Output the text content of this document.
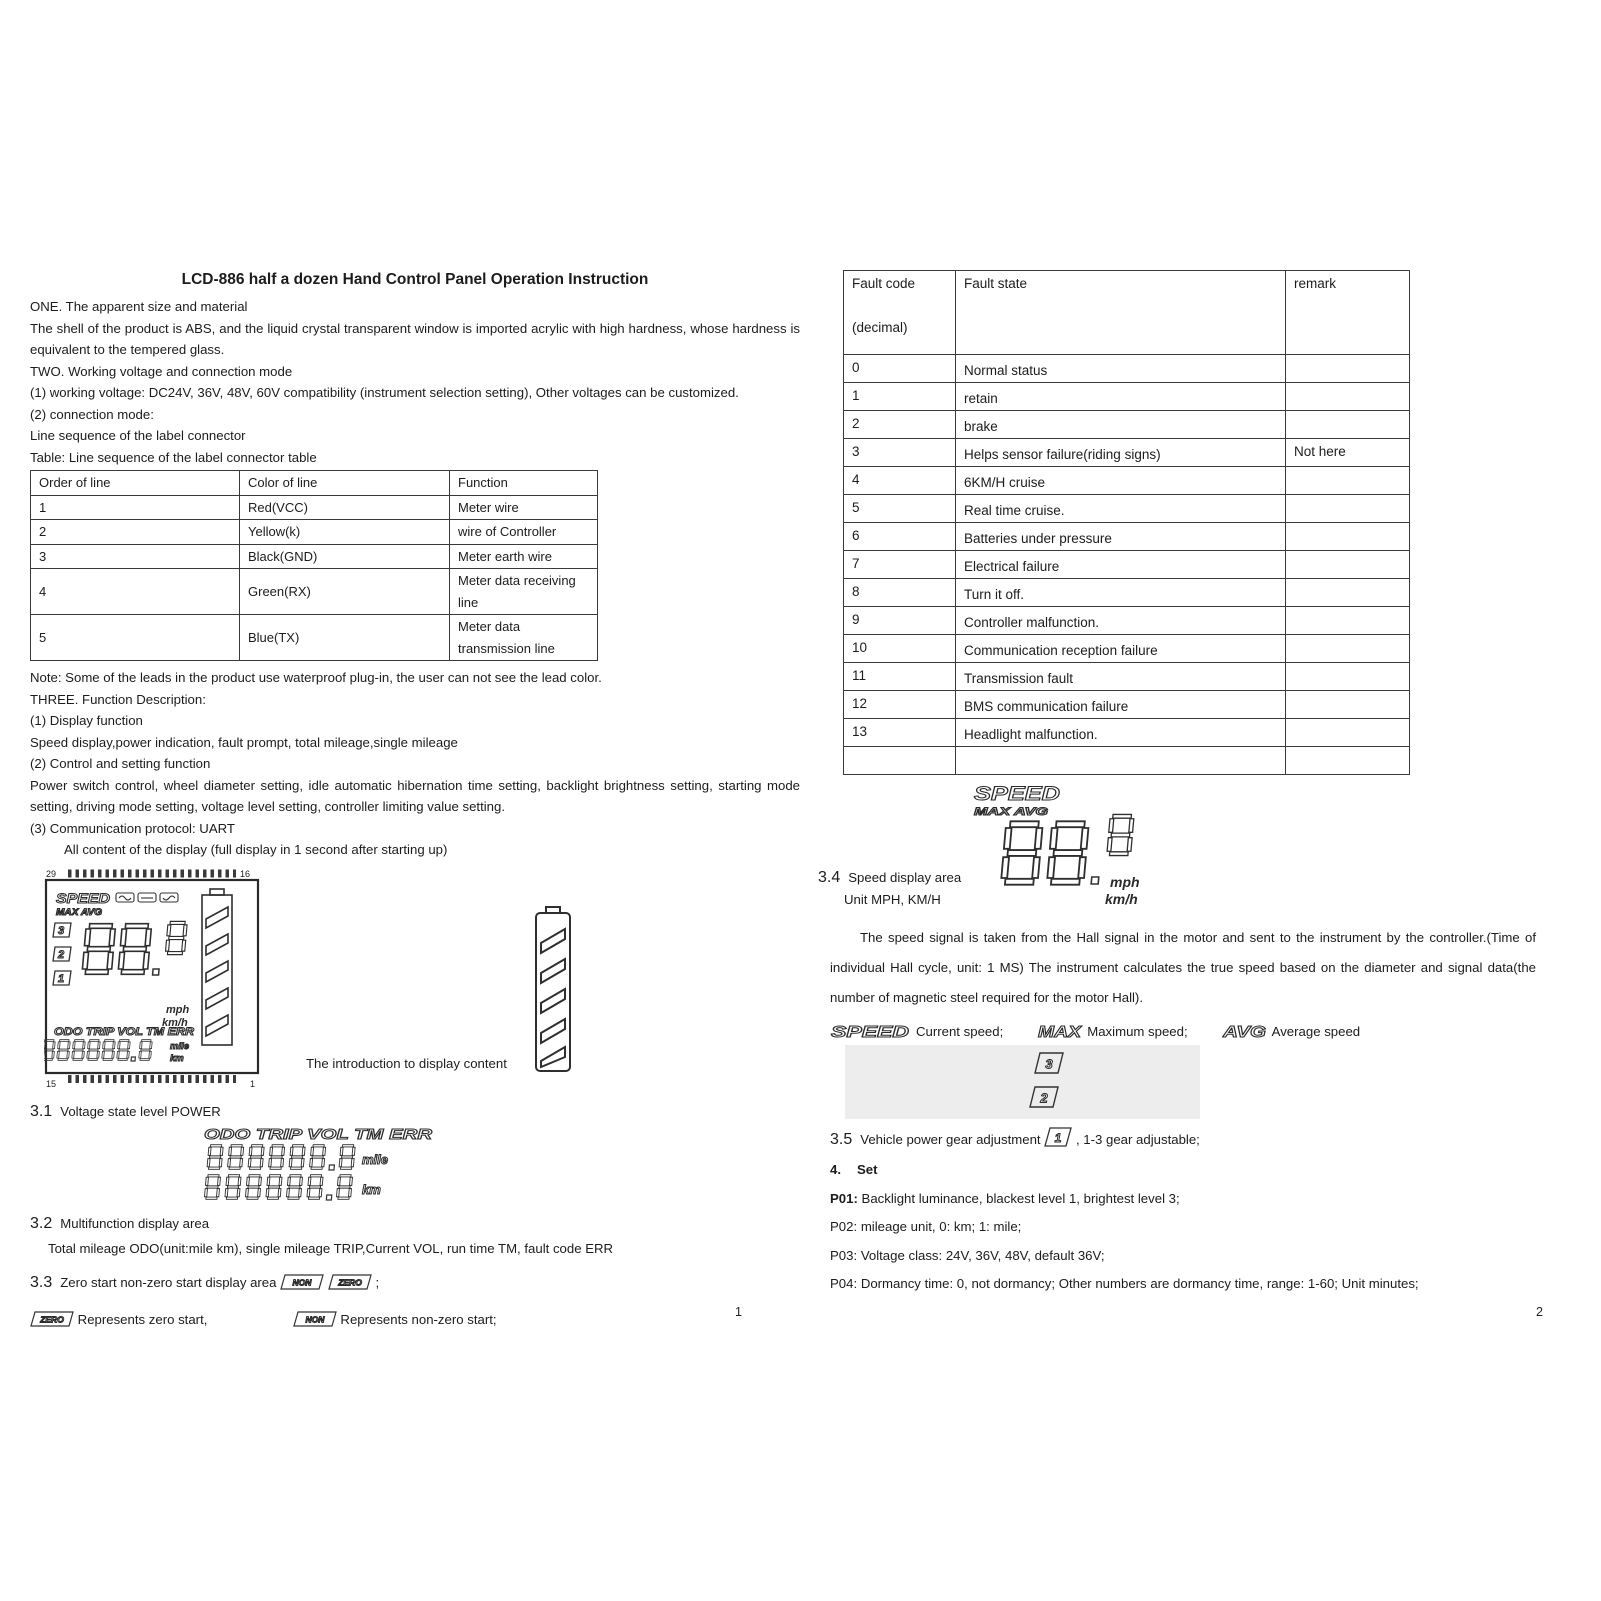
LCD-886 half a dozen Hand Control Panel Operation Instruction

ONE. The apparent size and material

The shell of the product is ABS, and the liquid crystal transparent window is imported acrylic with high hardness, whose hardness is equivalent to the tempered glass.

TWO. Working voltage and connection mode

(1) working voltage: DC24V, 36V, 48V, 60V compatibility (instrument selection setting), Other voltages can be customized.

(2) connection mode:

Line sequence of the label connector

Table: Line sequence of the label connector table

Order of line	Color of line	Function
1	Red(VCC)	Meter wire
2	Yellow(k)	wire of Controller
3	Black(GND)	Meter earth wire
4	Green(RX)	Meter data receiving line
5	Blue(TX)	Meter data transmission line

Note: Some of the leads in the product use waterproof plug-in, the user can not see the lead color.

THREE. Function Description:

(1) Display function

Speed display,power indication, fault prompt, total mileage,single mileage

(2) Control and setting function

Power switch control, wheel diameter setting, idle automatic hibernation time setting, backlight brightness setting, starting mode setting, driving mode setting, voltage level setting, controller limiting value setting.

(3) Communication protocol: UART

All content of the display (full display in 1 second after starting up)

29	16
SPEED
MAX AVG
3
2
1
mph
km/h
ODO TRIP VOL TM ERR
mile
km
15	1
The introduction to display content
3.1 Voltage state level POWER
ODO TRIP VOL TM ERR
mile
km
3.2 Multifunction display area

Total mileage ODO(unit:mile km), single mileage TRIP,Current VOL, run time TM, fault code ERR

3.3 Zero start non-zero start display area NON
	ZERO ;

ZERO Represents zero start,	NON Represents non-zero start;

Fault code
(decimal)	Fault state	remark
0	Normal status	
1	retain	
2	brake	
3	Helps sensor failure(riding signs)	Not here
4	6KM/H cruise	
5	Real time cruise.	
6	Batteries under pressure	
7	Electrical failure	
8	Turn it off.	
9	Controller malfunction.	
10	Communication reception failure	
11	Transmission fault	
12	BMS communication failure	
13	Headlight malfunction.	

SPEED
MAX AVG
mph
km/h
3.4 Speed display area
Unit MPH, KM/H

The speed signal is taken from the Hall signal in the motor and sent to the instrument by the controller.(Time of individual Hall cycle, unit: 1 MS) The instrument calculates the true speed based on the diameter and signal data(the number of magnetic steel required for the motor Hall).

SPEED Current speed; MAX Maximum speed; AVG Average speed
3
2

3.5 Vehicle power gear adjustment 1 , 1-3 gear adjustable;

4. Set

P01: Backlight luminance, blackest level 1, brightest level 3;

P02: mileage unit, 0: km; 1: mile;

P03: Voltage class: 24V, 36V, 48V, default 36V;

P04: Dormancy time: 0, not dormancy; Other numbers are dormancy time, range: 1-60; Unit minutes;

1	2
